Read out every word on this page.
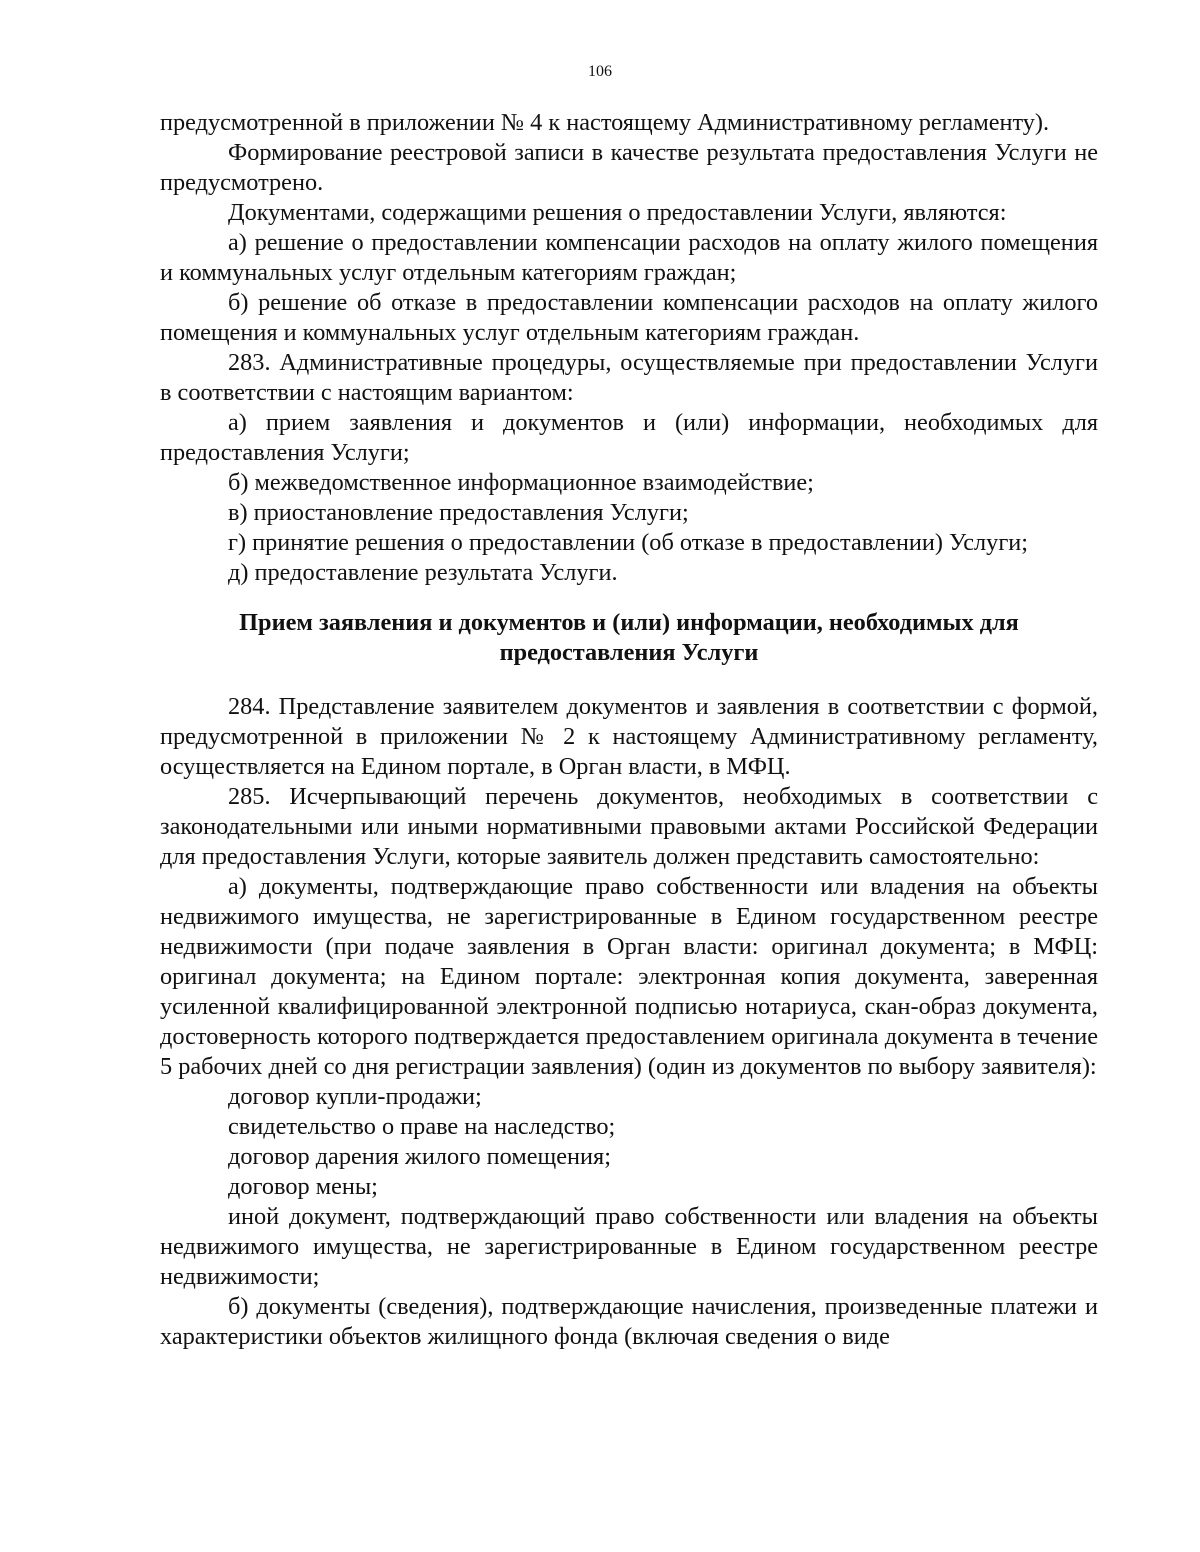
106

предусмотренной в приложении № 4 к настоящему Административному регламенту).

Формирование реестровой записи в качестве результата предоставления Услуги не предусмотрено.

Документами, содержащими решения о предоставлении Услуги, являются:

а) решение о предоставлении компенсации расходов на оплату жилого помещения и коммунальных услуг отдельным категориям граждан;

б) решение об отказе в предоставлении компенсации расходов на оплату жилого помещения и коммунальных услуг отдельным категориям граждан.

283. Административные процедуры, осуществляемые при предоставлении Услуги в соответствии с настоящим вариантом:

а) прием заявления и документов и (или) информации, необходимых для предоставления Услуги;

б) межведомственное информационное взаимодействие;

в) приостановление предоставления Услуги;

г) принятие решения о предоставлении (об отказе в предоставлении) Услуги;

д) предоставление результата Услуги.

Прием заявления и документов и (или) информации, необходимых для предоставления Услуги

284. Представление заявителем документов и заявления в соответствии с формой, предусмотренной в приложении № 2 к настоящему Административному регламенту, осуществляется на Едином портале, в Орган власти, в МФЦ.

285. Исчерпывающий перечень документов, необходимых в соответствии с законодательными или иными нормативными правовыми актами Российской Федерации для предоставления Услуги, которые заявитель должен представить самостоятельно:

а) документы, подтверждающие право собственности или владения на объекты недвижимого имущества, не зарегистрированные в Едином государственном реестре недвижимости (при подаче заявления в Орган власти: оригинал документа; в МФЦ: оригинал документа; на Едином портале: электронная копия документа, заверенная усиленной квалифицированной электронной подписью нотариуса, скан-образ документа, достоверность которого подтверждается предоставлением оригинала документа в течение 5 рабочих дней со дня регистрации заявления) (один из документов по выбору заявителя):

договор купли-продажи;

свидетельство о праве на наследство;

договор дарения жилого помещения;

договор мены;

иной документ, подтверждающий право собственности или владения на объекты недвижимого имущества, не зарегистрированные в Едином государственном реестре недвижимости;

б) документы (сведения), подтверждающие начисления, произведенные платежи и характеристики объектов жилищного фонда (включая сведения о виде
